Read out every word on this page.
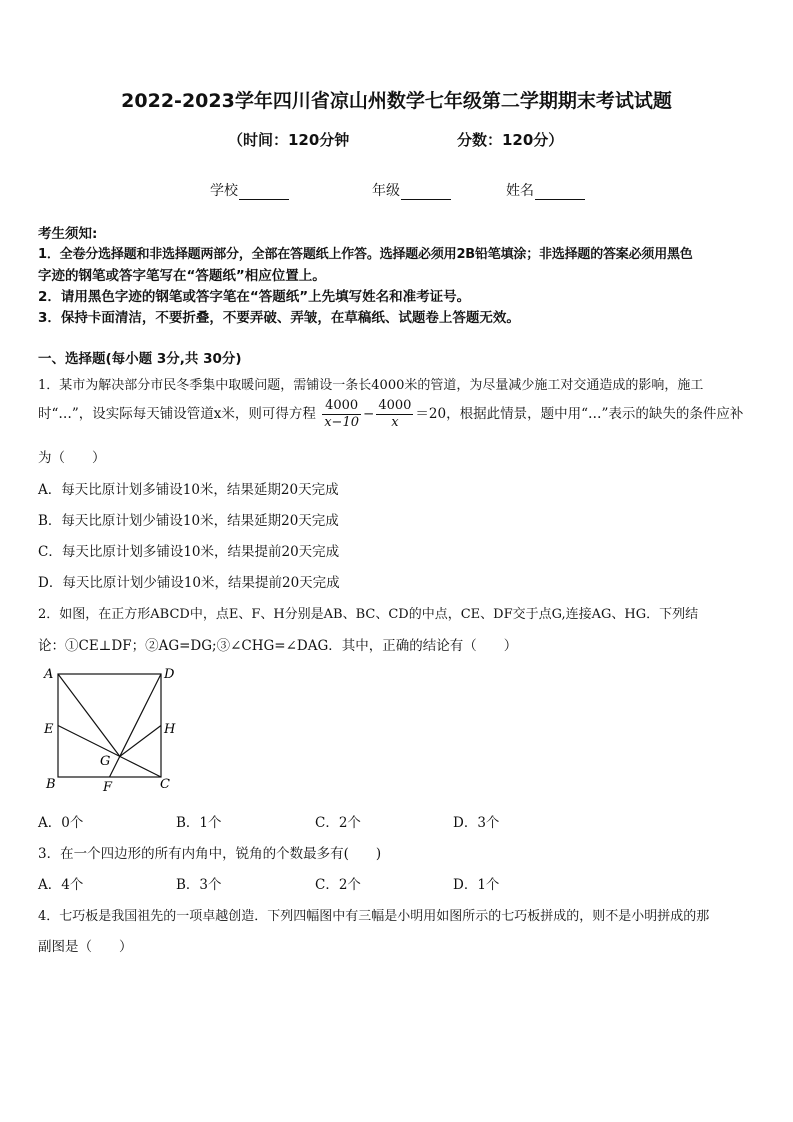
2022-2023学年四川省凉山州数学七年级第二学期期末考试试题
（时间：120分钟	分数：120分）
学校	年级	姓名
考生须知:
1．全卷分选择题和非选择题两部分，全部在答题纸上作答。选择题必须用2B铅笔填涂；非选择题的答案必须用黑色
字迹的钢笔或答字笔写在“答题纸”相应位置上。
2．请用黑色字迹的钢笔或答字笔在“答题纸”上先填写姓名和准考证号。
3．保持卡面清洁，不要折叠，不要弄破、弄皱，在草稿纸、试题卷上答题无效。
一、选择题(每小题 3分,共 30分)
1．某市为解决部分市民冬季集中取暖问题，需铺设一条长4000米的管道，为尽量减少施工对交通造成的影响，施工
时“…”，设实际每天铺设管道x米，则可得方程 $\frac{4000}{x-10} - \frac{4000}{x} =20$，根据此情景，题中用“…”表示的缺失的条件应补
为（　　）
A．每天比原计划多铺设10米，结果延期20天完成
B．每天比原计划少铺设10米，结果延期20天完成
C．每天比原计划多铺设10米，结果提前20天完成
D．每天比原计划少铺设10米，结果提前20天完成
2．如图，在正方形ABCD中，点E、F、H分别是AB、BC、CD的中点，CE、DF交于点G,连接AG、HG．下列结
论：①CE⊥DF；②AG=DG;③∠CHG=∠DAG．其中，正确的结论有（　　）
A	D
E	H
G
B	F	C
A．0个	B．1个	C．2个	D．3个
3．在一个四边形的所有内角中，锐角的个数最多有(　　)
A．4个	B．3个	C．2个	D．1个
4．七巧板是我国祖先的一项卓越创造．下列四幅图中有三幅是小明用如图所示的七巧板拼成的，则不是小明拼成的那
副图是（　　）
